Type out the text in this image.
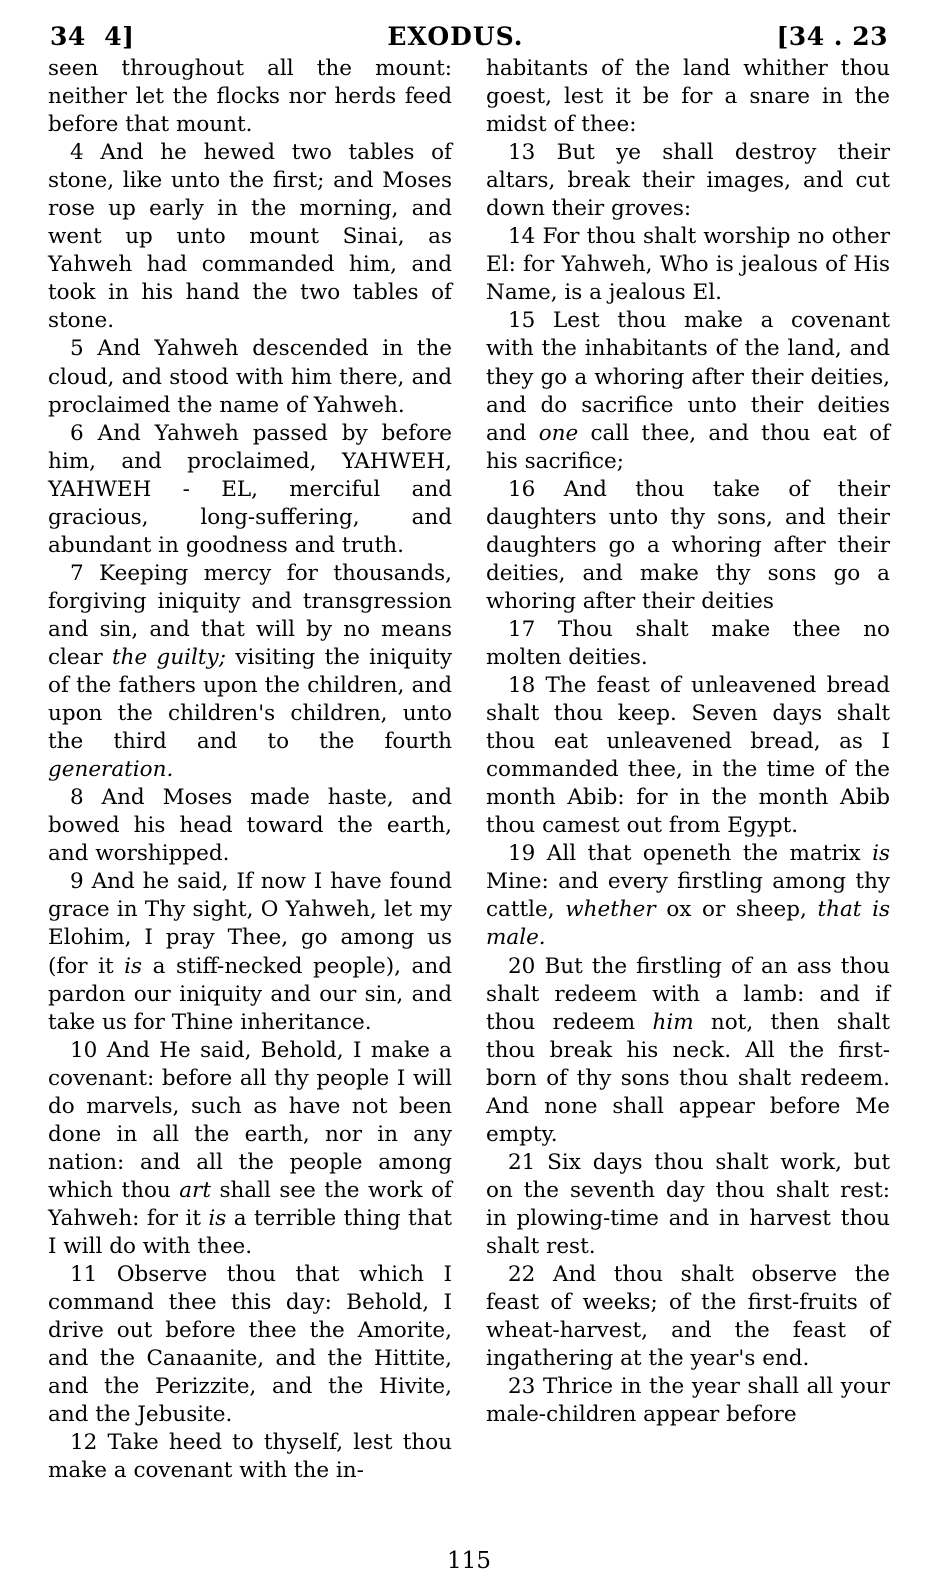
34  4]	EXODUS.	[34 . 23

seen throughout all the mount: neither let the flocks nor herds feed before that mount.

4 And he hewed two tables of stone, like unto the first; and Moses rose up early in the morning, and went up unto mount Sinai, as Yahweh had commanded him, and took in his hand the two tables of stone.

5 And Yahweh descended in the cloud, and stood with him there, and proclaimed the name of Yahweh.

6 And Yahweh passed by before him, and proclaimed, YAHWEH, YAHWEH - EL, merciful and gracious, long-suffering, and abundant in goodness and truth.

7 Keeping mercy for thousands, forgiving iniquity and transgression and sin, and that will by no means clear the guilty; visiting the iniquity of the fathers upon the children, and upon the children's children, unto the third and to the fourth generation.

8 And Moses made haste, and bowed his head toward the earth, and worshipped.

9 And he said, If now I have found grace in Thy sight, O Yahweh, let my Elohim, I pray Thee, go among us (for it is a stiff-necked people), and pardon our iniquity and our sin, and take us for Thine inheritance.

10 And He said, Behold, I make a covenant: before all thy people I will do marvels, such as have not been done in all the earth, nor in any nation: and all the people among which thou art shall see the work of Yahweh: for it is a terrible thing that I will do with thee.

11 Observe thou that which I command thee this day: Behold, I drive out before thee the Amorite, and the Canaanite, and the Hittite, and the Perizzite, and the Hivite, and the Jebusite.

12 Take heed to thyself, lest thou make a covenant with the in-

habitants of the land whither thou goest, lest it be for a snare in the midst of thee:

13 But ye shall destroy their altars, break their images, and cut down their groves:

14 For thou shalt worship no other El: for Yahweh, Who is jealous of His Name, is a jealous El.

15 Lest thou make a covenant with the inhabitants of the land, and they go a whoring after their deities, and do sacrifice unto their deities and one call thee, and thou eat of his sacrifice;

16 And thou take of their daughters unto thy sons, and their daughters go a whoring after their deities, and make thy sons go a whoring after their deities

17 Thou shalt make thee no molten deities.

18 The feast of unleavened bread shalt thou keep. Seven days shalt thou eat unleavened bread, as I commanded thee, in the time of the month Abib: for in the month Abib thou camest out from Egypt.

19 All that openeth the matrix is Mine: and every firstling among thy cattle, whether ox or sheep, that is male.

20 But the firstling of an ass thou shalt redeem with a lamb: and if thou redeem him not, then shalt thou break his neck. All the first-born of thy sons thou shalt redeem. And none shall appear before Me empty.

21 Six days thou shalt work, but on the seventh day thou shalt rest: in plowing-time and in harvest thou shalt rest.

22 And thou shalt observe the feast of weeks; of the first-fruits of wheat-harvest, and the feast of ingathering at the year's end.

23 Thrice in the year shall all your male-children appear before

115
